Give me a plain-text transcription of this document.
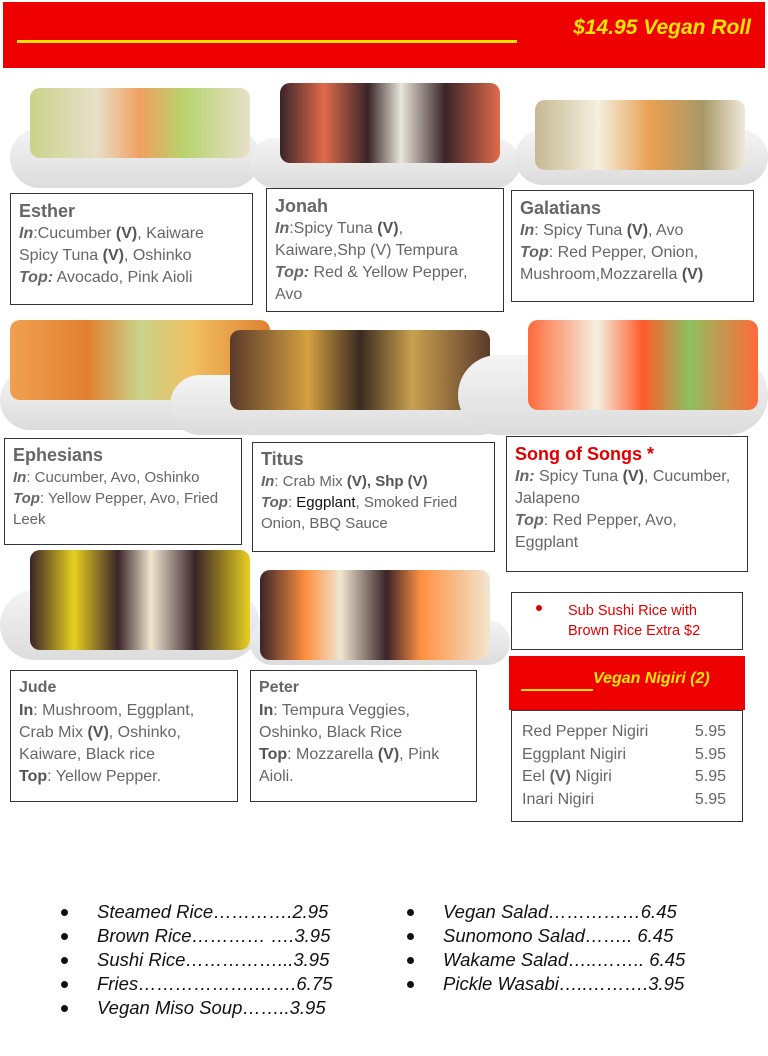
$14.95 Vegan Roll
Esther
In:Cucumber (V), Kaiware Spicy Tuna (V), Oshinko
Top: Avocado, Pink Aioli
Jonah
In:Spicy Tuna (V), Kaiware,Shp (V) Tempura
Top: Red & Yellow Pepper, Avo
Galatians
In: Spicy Tuna (V), Avo
Top: Red Pepper, Onion, Mushroom,Mozzarella (V)
Ephesians
In: Cucumber, Avo, Oshinko
Top: Yellow Pepper, Avo, Fried Leek
Titus
In: Crab Mix (V), Shp (V)
Top: Eggplant, Smoked Fried Onion, BBQ Sauce
Song of Songs *
In: Spicy Tuna (V), Cucumber, Jalapeno
Top: Red Pepper, Avo, Eggplant
Sub Sushi Rice with Brown Rice Extra $2
Jude
In: Mushroom, Eggplant, Crab Mix (V), Oshinko, Kaiware, Black rice
Top: Yellow Pepper.
Peter
In: Tempura Veggies, Oshinko, Black Rice
Top: Mozzarella (V), Pink Aioli.
Vegan Nigiri (2)
Red Pepper Nigiri	5.95
Eggplant Nigiri	5.95
Eel (V) Nigiri	5.95
Inari Nigiri	5.95
Steamed Rice………….2.95
Brown Rice………… ….3.95
Sushi Rice……………...3.95
Fries……………….…….6.75
Vegan Miso Soup……..3.95
Vegan Salad……………6.45
Sunomono Salad…….. 6.45
Wakame Salad…..…….. 6.45
Pickle Wasabi…..……….3.95
